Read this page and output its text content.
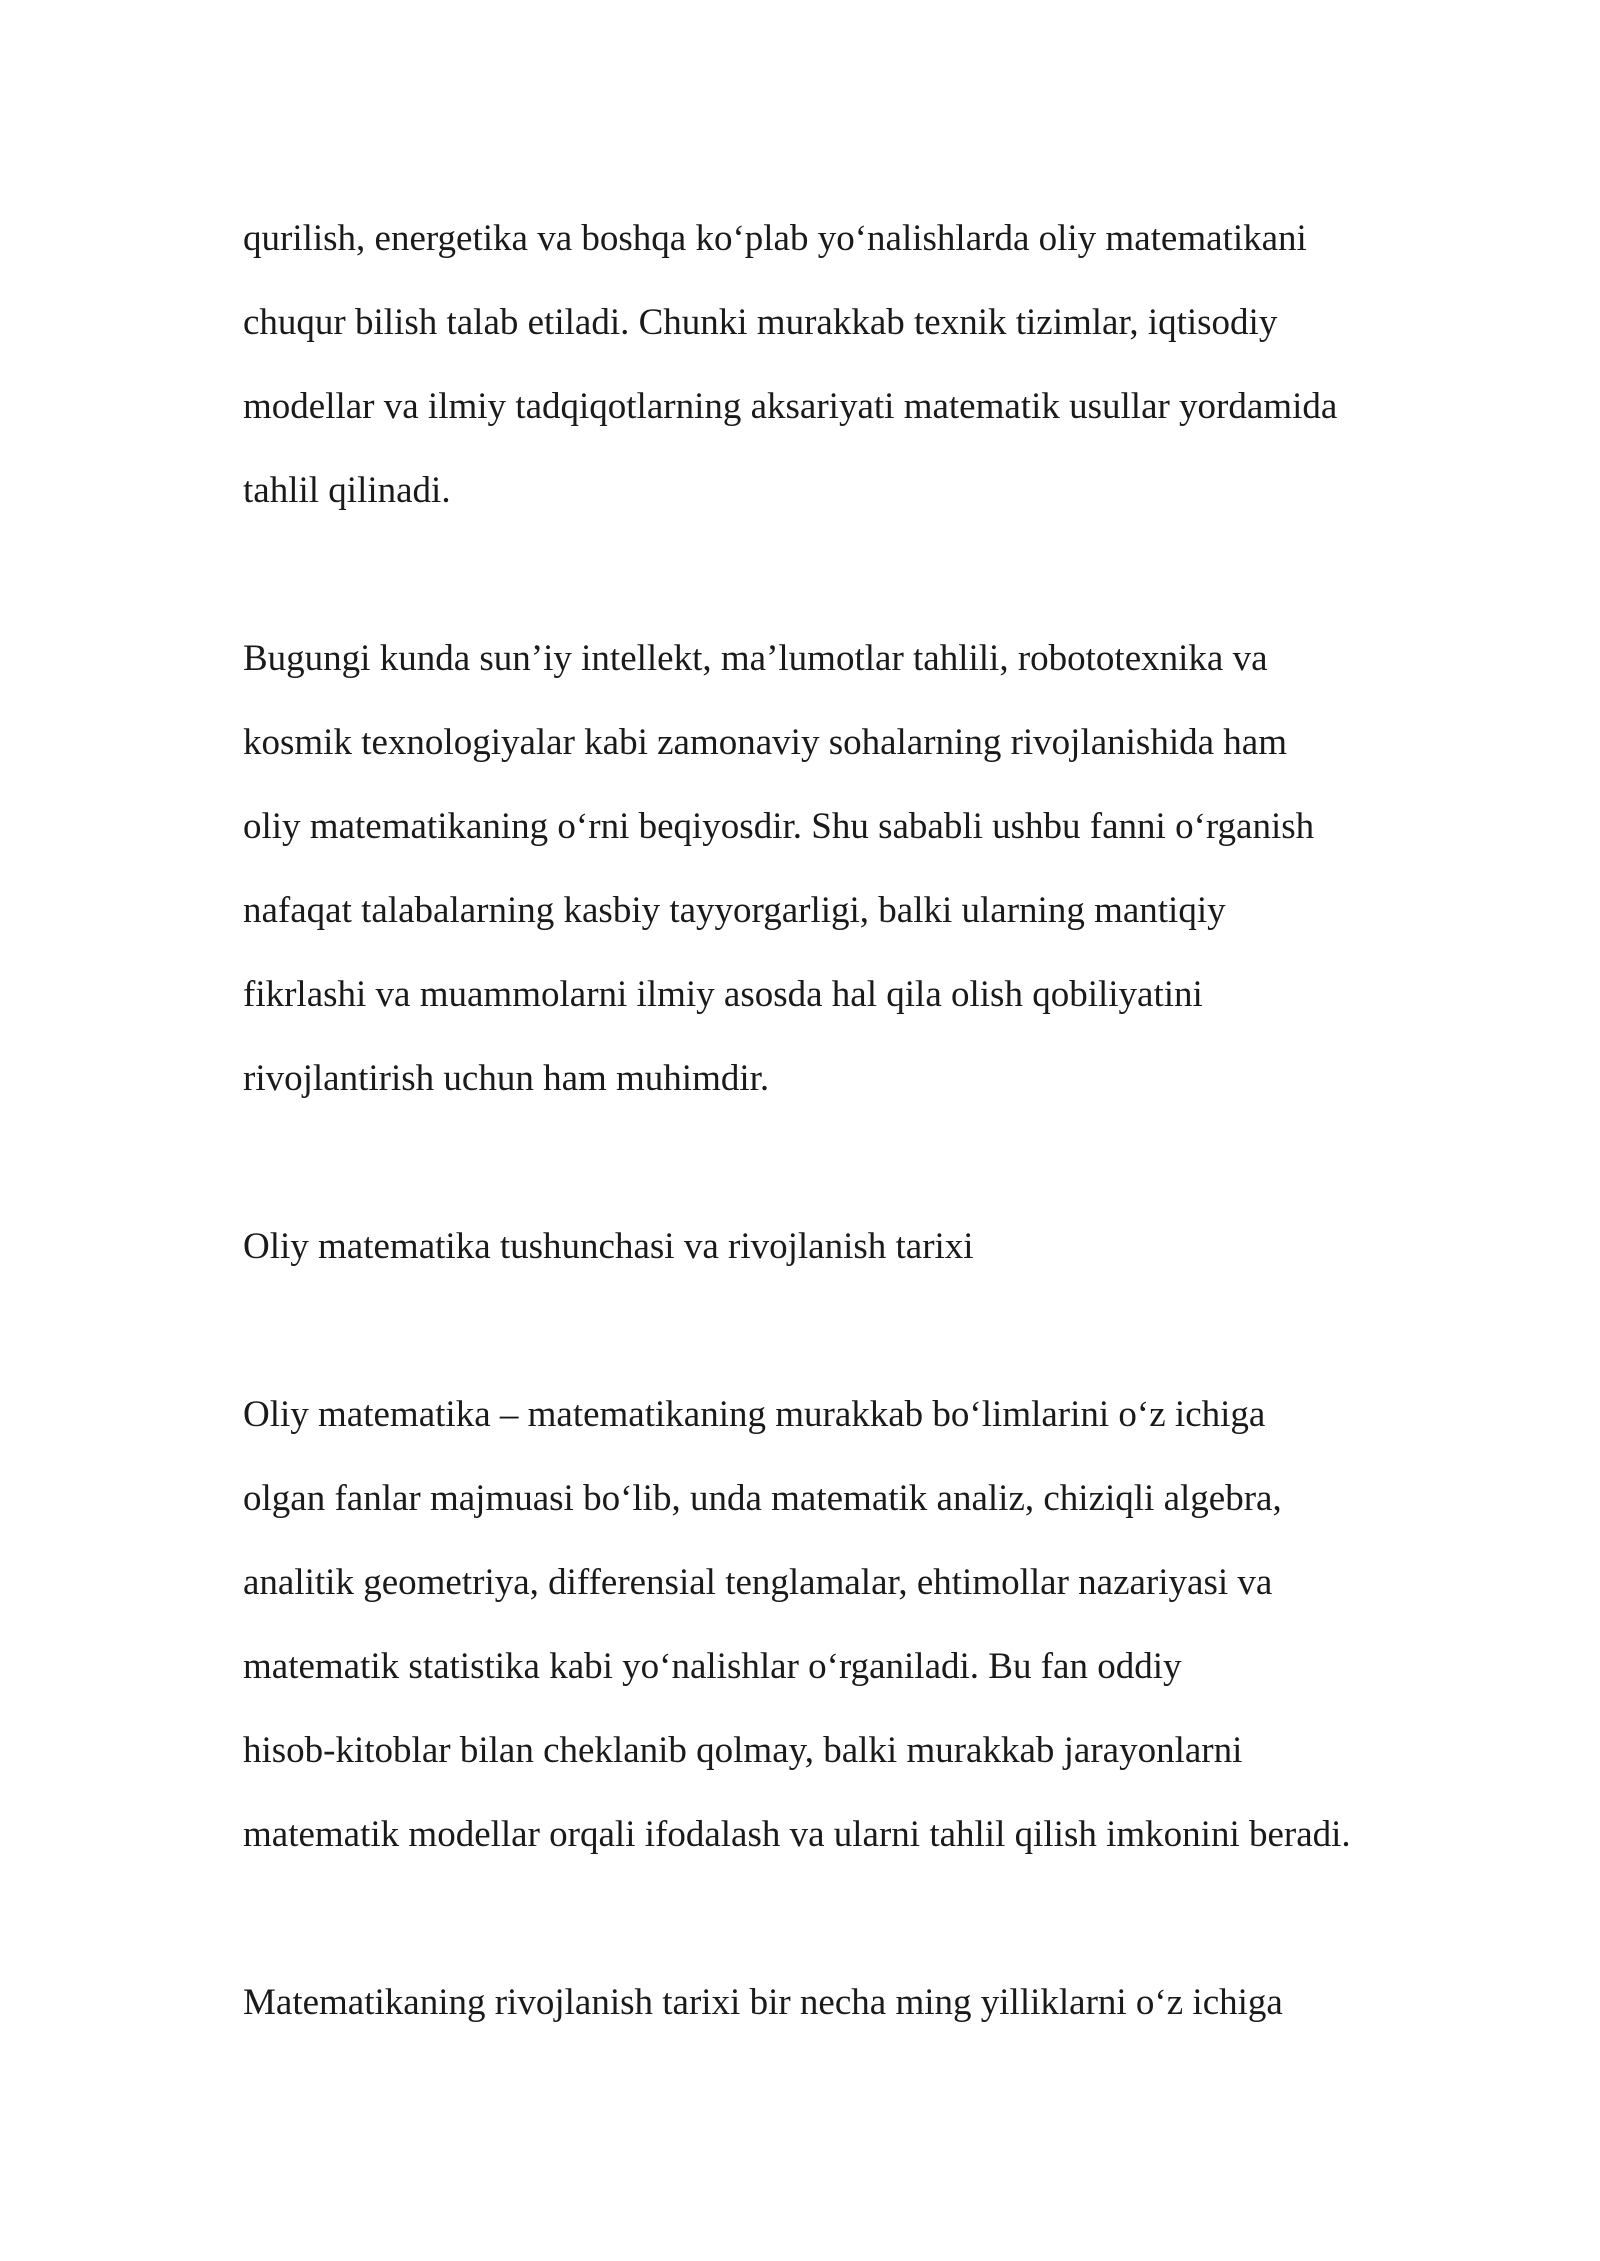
qurilish, energetika va boshqa ko‘plab yo‘nalishlarda oliy matematikani

chuqur bilish talab etiladi. Chunki murakkab texnik tizimlar, iqtisodiy

modellar va ilmiy tadqiqotlarning aksariyati matematik usullar yordamida

tahlil qilinadi.

Bugungi kunda sun’iy intellekt, ma’lumotlar tahlili, robototexnika va

kosmik texnologiyalar kabi zamonaviy sohalarning rivojlanishida ham

oliy matematikaning o‘rni beqiyosdir. Shu sababli ushbu fanni o‘rganish

nafaqat talabalarning kasbiy tayyorgarligi, balki ularning mantiqiy

fikrlashi va muammolarni ilmiy asosda hal qila olish qobiliyatini

rivojlantirish uchun ham muhimdir.

Oliy matematika tushunchasi va rivojlanish tarixi

Oliy matematika – matematikaning murakkab bo‘limlarini o‘z ichiga

olgan fanlar majmuasi bo‘lib, unda matematik analiz, chiziqli algebra,

analitik geometriya, differensial tenglamalar, ehtimollar nazariyasi va

matematik statistika kabi yo‘nalishlar o‘rganiladi. Bu fan oddiy

hisob-kitoblar bilan cheklanib qolmay, balki murakkab jarayonlarni

matematik modellar orqali ifodalash va ularni tahlil qilish imkonini beradi.

Matematikaning rivojlanish tarixi bir necha ming yilliklarni o‘z ichiga
